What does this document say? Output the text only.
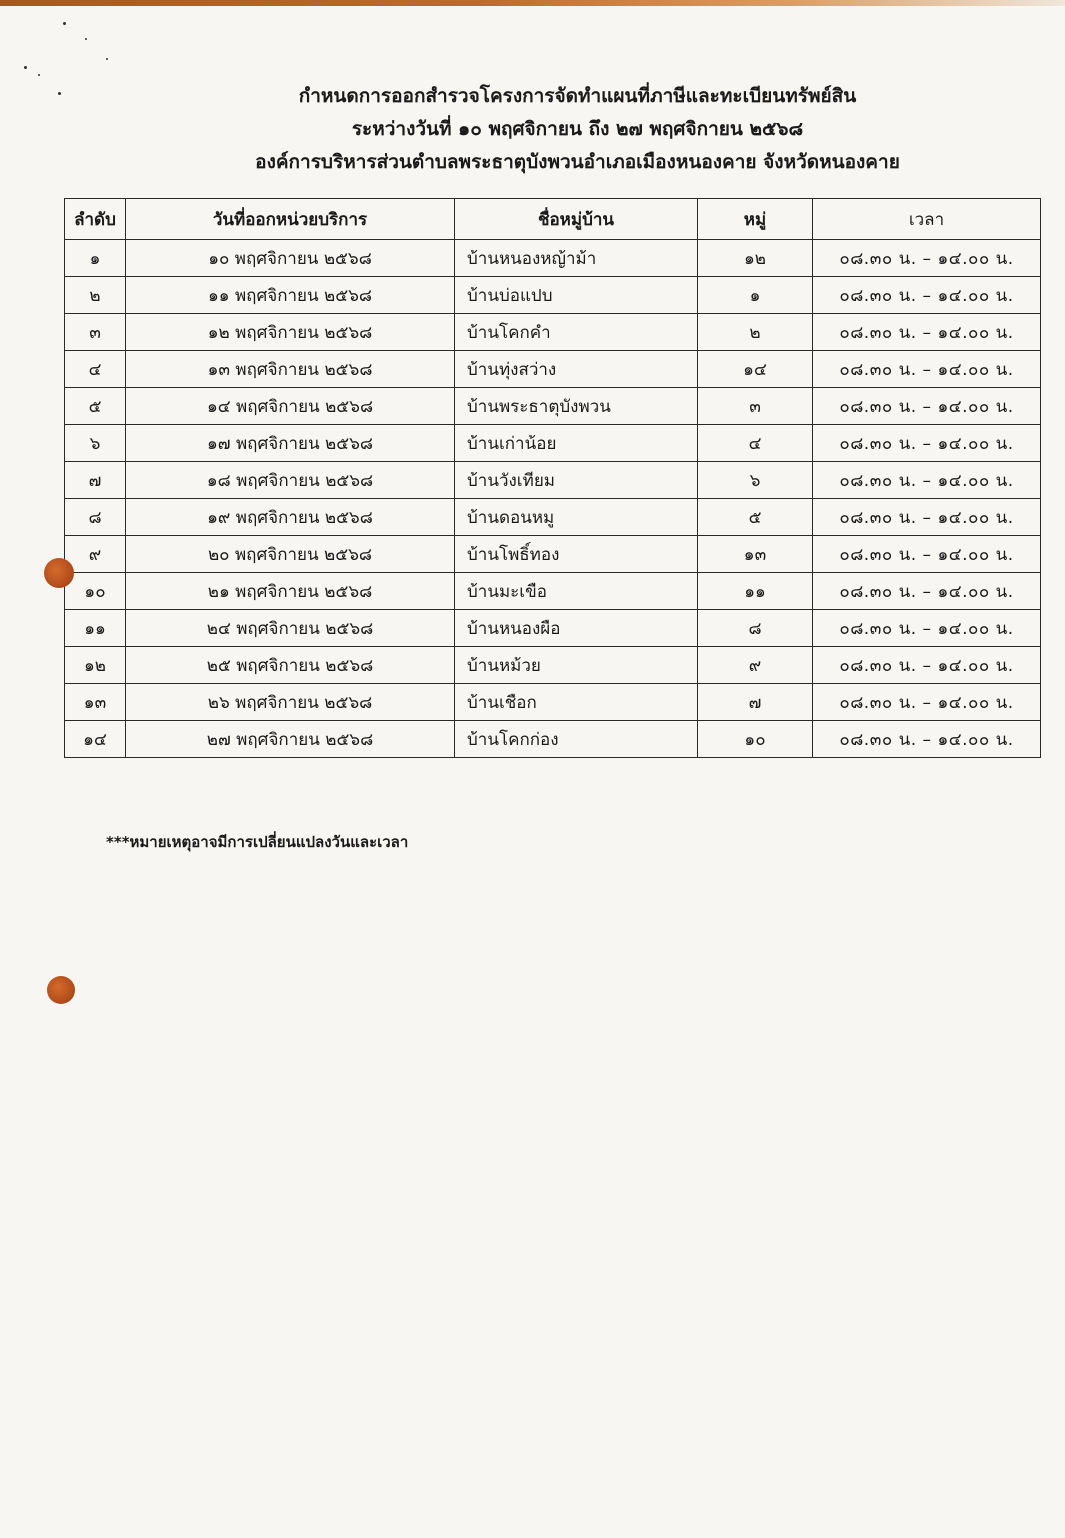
กำหนดการออกสำรวจโครงการจัดทำแผนที่ภาษีและทะเบียนทรัพย์สิน
ระหว่างวันที่ ๑๐ พฤศจิกายน ถึง ๒๗ พฤศจิกายน ๒๕๖๘
องค์การบริหารส่วนตำบลพระธาตุบังพวนอำเภอเมืองหนองคาย จังหวัดหนองคาย
ลำดับ	วันที่ออกหน่วยบริการ	ชื่อหมู่บ้าน	หมู่	เวลา
๑	๑๐ พฤศจิกายน ๒๕๖๘	บ้านหนองหญ้าม้า	๑๒	๐๘.๓๐ น. – ๑๔.๐๐ น.
๒	๑๑ พฤศจิกายน ๒๕๖๘	บ้านบ่อแปบ	๑	๐๘.๓๐ น. – ๑๔.๐๐ น.
๓	๑๒ พฤศจิกายน ๒๕๖๘	บ้านโคกคำ	๒	๐๘.๓๐ น. – ๑๔.๐๐ น.
๔	๑๓ พฤศจิกายน ๒๕๖๘	บ้านทุ่งสว่าง	๑๔	๐๘.๓๐ น. – ๑๔.๐๐ น.
๕	๑๔ พฤศจิกายน ๒๕๖๘	บ้านพระธาตุบังพวน	๓	๐๘.๓๐ น. – ๑๔.๐๐ น.
๖	๑๗ พฤศจิกายน ๒๕๖๘	บ้านเก่าน้อย	๔	๐๘.๓๐ น. – ๑๔.๐๐ น.
๗	๑๘ พฤศจิกายน ๒๕๖๘	บ้านวังเทียม	๖	๐๘.๓๐ น. – ๑๔.๐๐ น.
๘	๑๙ พฤศจิกายน ๒๕๖๘	บ้านดอนหมู	๕	๐๘.๓๐ น. – ๑๔.๐๐ น.
๙	๒๐ พฤศจิกายน ๒๕๖๘	บ้านโพธิ์ทอง	๑๓	๐๘.๓๐ น. – ๑๔.๐๐ น.
๑๐	๒๑ พฤศจิกายน ๒๕๖๘	บ้านมะเขือ	๑๑	๐๘.๓๐ น. – ๑๔.๐๐ น.
๑๑	๒๔ พฤศจิกายน ๒๕๖๘	บ้านหนองผือ	๘	๐๘.๓๐ น. – ๑๔.๐๐ น.
๑๒	๒๕ พฤศจิกายน ๒๕๖๘	บ้านหม้วย	๙	๐๘.๓๐ น. – ๑๔.๐๐ น.
๑๓	๒๖ พฤศจิกายน ๒๕๖๘	บ้านเชือก	๗	๐๘.๓๐ น. – ๑๔.๐๐ น.
๑๔	๒๗ พฤศจิกายน ๒๕๖๘	บ้านโคกก่อง	๑๐	๐๘.๓๐ น. – ๑๔.๐๐ น.
***หมายเหตุอาจมีการเปลี่ยนแปลงวันและเวลา
